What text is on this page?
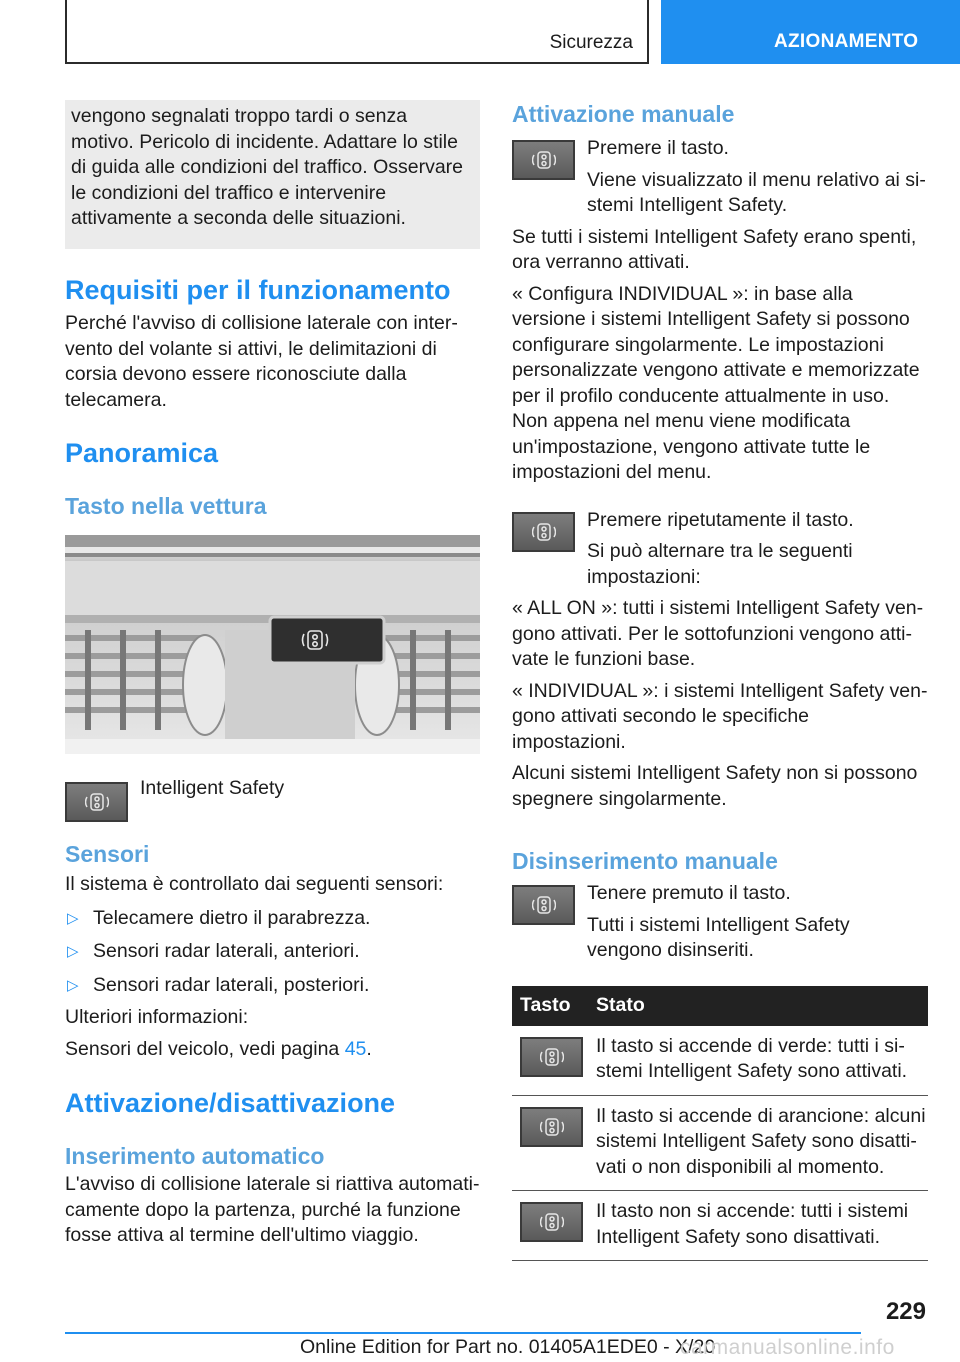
Sicurezza	AZIONAMENTO

vengono segnalati troppo tardi o senza motivo. Pericolo di incidente. Adattare lo stile di guida alle condizioni del traffico. Osservare le condizioni del traffico e intervenire attivamente a seconda delle situazioni.

Requisiti per il funzionamento

Perché l'avviso di collisione laterale con intervento del volante si attivi, le delimitazioni di corsia devono essere riconosciute dalla telecamera.

Panoramica
Tasto nella vettura

Intelligent Safety

Sensori

Il sistema è controllato dai seguenti sensori:

▷ Telecamere dietro il parabrezza.
▷ Sensori radar laterali, anteriori.
▷ Sensori radar laterali, posteriori.

Ulteriori informazioni:

Sensori del veicolo, vedi pagina 45.

Attivazione/disattivazione
Inserimento automatico

L'avviso di collisione laterale si riattiva automaticamente dopo la partenza, purché la funzione fosse attiva al termine dell'ultimo viaggio.

Attivazione manuale

Premere il tasto.

Viene visualizzato il menu relativo ai sistemi Intelligent Safety.

Se tutti i sistemi Intelligent Safety erano spenti, ora verranno attivati.

« Configura INDIVIDUAL »: in base alla versione i sistemi Intelligent Safety si possono configurare singolarmente. Le impostazioni personalizzate vengono attivate e memorizzate per il profilo conducente attualmente in uso. Non appena nel menu viene modificata un'impostazione, vengono attivate tutte le impostazioni del menu.

Premere ripetutamente il tasto.

Si può alternare tra le seguenti impostazioni:

« ALL ON »: tutti i sistemi Intelligent Safety vengono attivati. Per le sottofunzioni vengono attivate le funzioni base.

« INDIVIDUAL »: i sistemi Intelligent Safety vengono attivati secondo le specifiche impostazioni.

Alcuni sistemi Intelligent Safety non si possono spegnere singolarmente.

Disinserimento manuale

Tenere premuto il tasto.

Tutti i sistemi Intelligent Safety vengono disinseriti.

Tasto	Stato

	Il tasto si accende di verde: tutti i sistemi Intelligent Safety sono attivati.

	Il tasto si accende di arancione: alcuni sistemi Intelligent Safety sono disattivati o non disponibili al momento.

	Il tasto non si accende: tutti i sistemi Intelligent Safety sono disattivati.
229
Online Edition for Part no. 01405A1EDE0 - X/20
carmanualsonline.info
